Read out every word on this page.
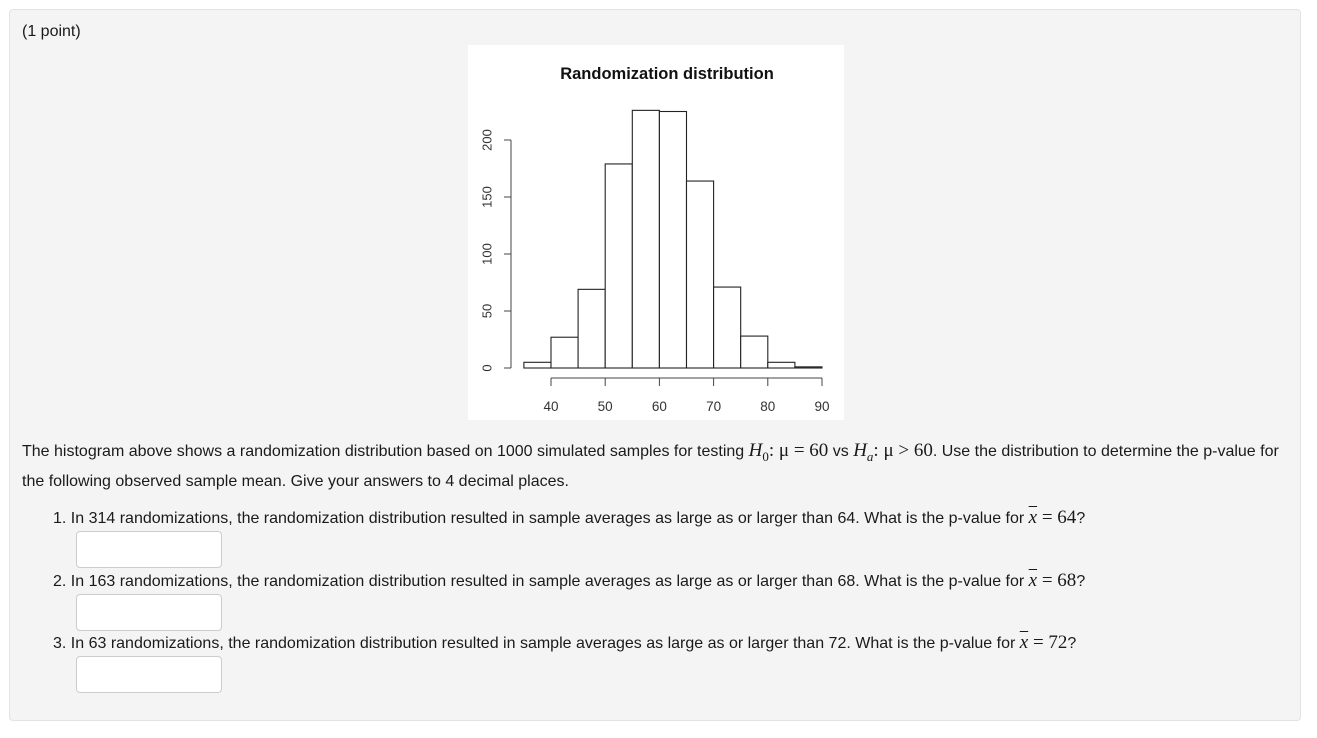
(1 point)
Randomization distribution
0
50
100
150
200
40	50	60	70	80	90
The histogram above shows a randomization distribution based on 1000 simulated samples for testing $H_0$: μ = 60 vs $H_a$: μ > 60. Use the distribution to determine the p-value for the following observed sample mean. Give your answers to 4 decimal places.
1. In 314 randomizations, the randomization distribution resulted in sample averages as large as or larger than 64. What is the p-value for $\overline{x} = 64$?
2. In 163 randomizations, the randomization distribution resulted in sample averages as large as or larger than 68. What is the p-value for $\overline{x} = 68$?
3. In 63 randomizations, the randomization distribution resulted in sample averages as large as or larger than 72. What is the p-value for $\overline{x} = 72$?
